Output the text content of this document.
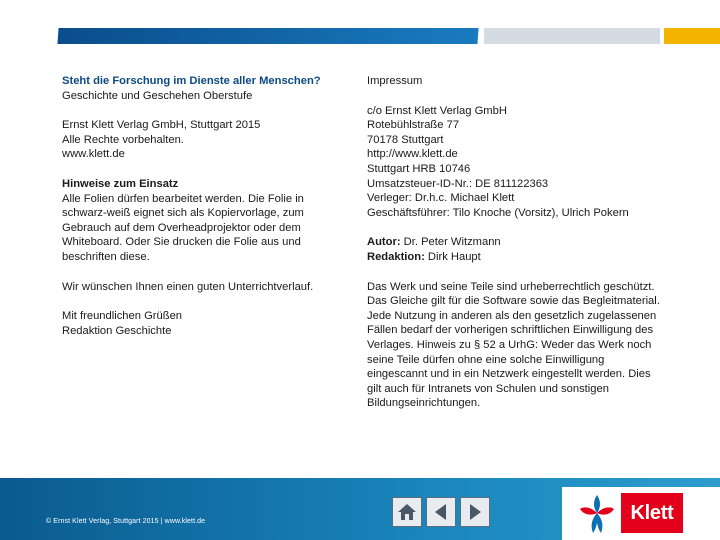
Steht die Forschung im Dienste aller Menschen?

Geschichte und Geschehen Oberstufe

Ernst Klett Verlag GmbH, Stuttgart 2015

Alle Rechte vorbehalten.

www.klett.de

Hinweise zum Einsatz

Alle Folien dürfen bearbeitet werden. Die Folie in schwarz-weiß eignet sich als Kopiervorlage, zum Gebrauch auf dem Overheadprojektor oder dem Whiteboard. Oder Sie drucken die Folie aus und beschriften diese.

Wir wünschen Ihnen einen guten Unterrichtverlauf.

Mit freundlichen Grüßen

Redaktion Geschichte

Impressum

c/o Ernst Klett Verlag GmbH

Rotebühlstraße 77

70178 Stuttgart

http://www.klett.de

Stuttgart HRB 10746

Umsatzsteuer-ID-Nr.: DE 811122363

Verleger: Dr.h.c. Michael Klett

Geschäftsführer: Tilo Knoche (Vorsitz), Ulrich Pokern

Autor: Dr. Peter Witzmann

Redaktion: Dirk Haupt

Das Werk und seine Teile sind urheberrechtlich geschützt. Das Gleiche gilt für die Software sowie das Begleitmaterial. Jede Nutzung in anderen als den gesetzlich zugelassenen Fällen bedarf der vorherigen schriftlichen Einwilligung des Verlages. Hinweis zu § 52 a UrhG: Weder das Werk noch seine Teile dürfen ohne eine solche Einwilligung eingescannt und in ein Netzwerk eingestellt werden. Dies gilt auch für Intranets von Schulen und sonstigen Bildungseinrichtungen.

© Ernst Klett Verlag, Stuttgart 2015 | www.klett.de	Klett
